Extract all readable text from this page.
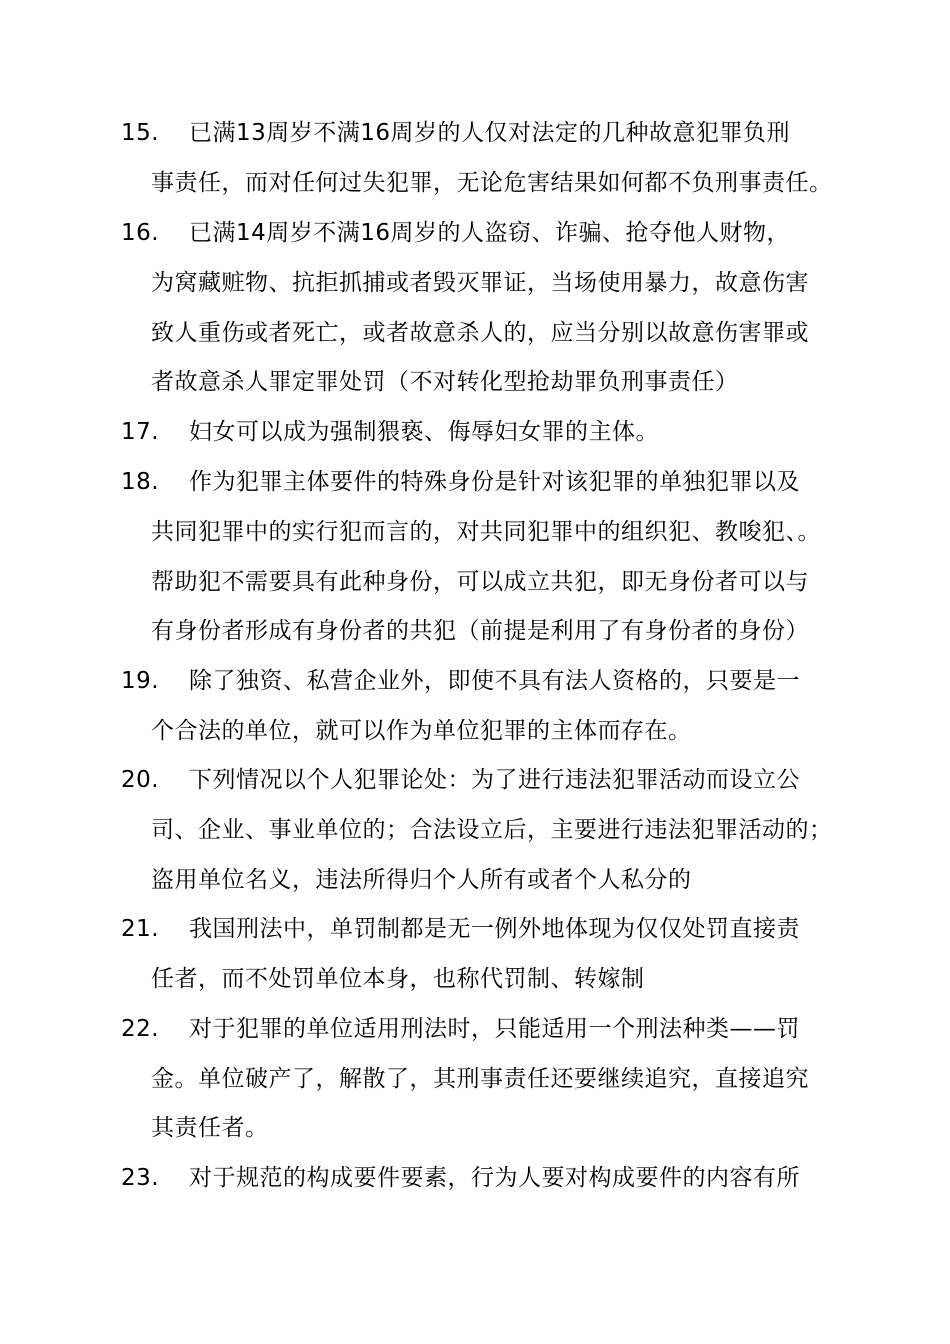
15. 已满13周岁不满16周岁的人仅对法定的几种故意犯罪负刑
事责任，而对任何过失犯罪，无论危害结果如何都不负刑事责任。
16. 已满14周岁不满16周岁的人盗窃、诈骗、抢夺他人财物，
为窝藏赃物、抗拒抓捕或者毁灭罪证，当场使用暴力，故意伤害
致人重伤或者死亡，或者故意杀人的，应当分别以故意伤害罪或
者故意杀人罪定罪处罚（不对转化型抢劫罪负刑事责任）
17. 妇女可以成为强制猥亵、侮辱妇女罪的主体。
18. 作为犯罪主体要件的特殊身份是针对该犯罪的单独犯罪以及
共同犯罪中的实行犯而言的，对共同犯罪中的组织犯、教唆犯、。
帮助犯不需要具有此种身份，可以成立共犯，即无身份者可以与
有身份者形成有身份者的共犯（前提是利用了有身份者的身份）
19. 除了独资、私营企业外，即使不具有法人资格的，只要是一
个合法的单位，就可以作为单位犯罪的主体而存在。
20. 下列情况以个人犯罪论处：为了进行违法犯罪活动而设立公
司、企业、事业单位的；合法设立后，主要进行违法犯罪活动的；
盗用单位名义，违法所得归个人所有或者个人私分的
21. 我国刑法中，单罚制都是无一例外地体现为仅仅处罚直接责
任者，而不处罚单位本身，也称代罚制、转嫁制
22. 对于犯罪的单位适用刑法时，只能适用一个刑法种类——罚
金。单位破产了，解散了，其刑事责任还要继续追究，直接追究
其责任者。
23. 对于规范的构成要件要素，行为人要对构成要件的内容有所
